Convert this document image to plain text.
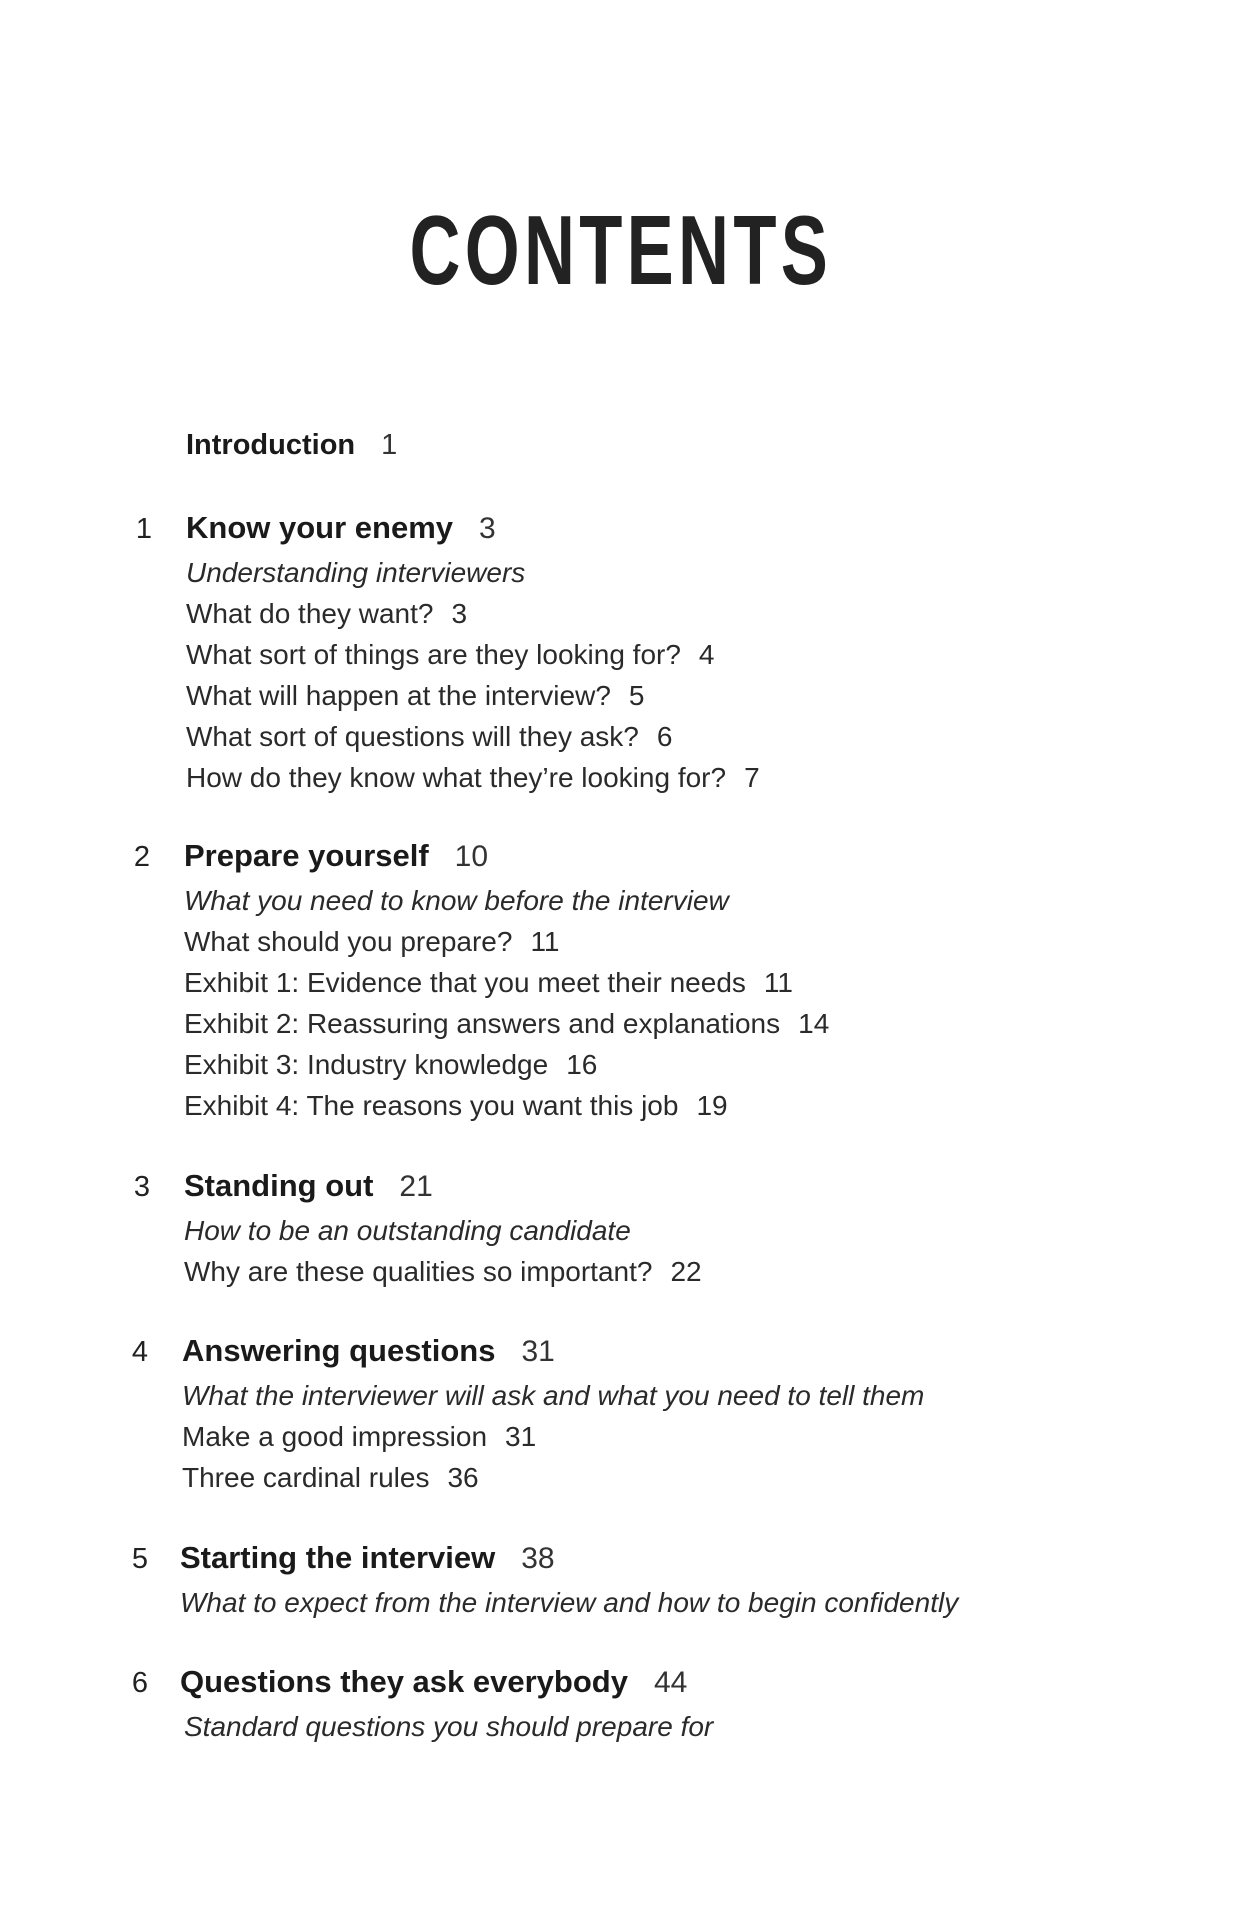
CONTENTS
Introduction 1
1 Know your enemy 3
Understanding interviewers
What do they want? 3
What sort of things are they looking for? 4
What will happen at the interview? 5
What sort of questions will they ask? 6
How do they know what they’re looking for? 7
2 Prepare yourself 10
What you need to know before the interview
What should you prepare? 11
Exhibit 1: Evidence that you meet their needs 11
Exhibit 2: Reassuring answers and explanations 14
Exhibit 3: Industry knowledge 16
Exhibit 4: The reasons you want this job 19
3 Standing out 21
How to be an outstanding candidate
Why are these qualities so important? 22
4 Answering questions 31
What the interviewer will ask and what you need to tell them
Make a good impression 31
Three cardinal rules 36
5 Starting the interview 38
What to expect from the interview and how to begin confidently
6 Questions they ask everybody 44
Standard questions you should prepare for
